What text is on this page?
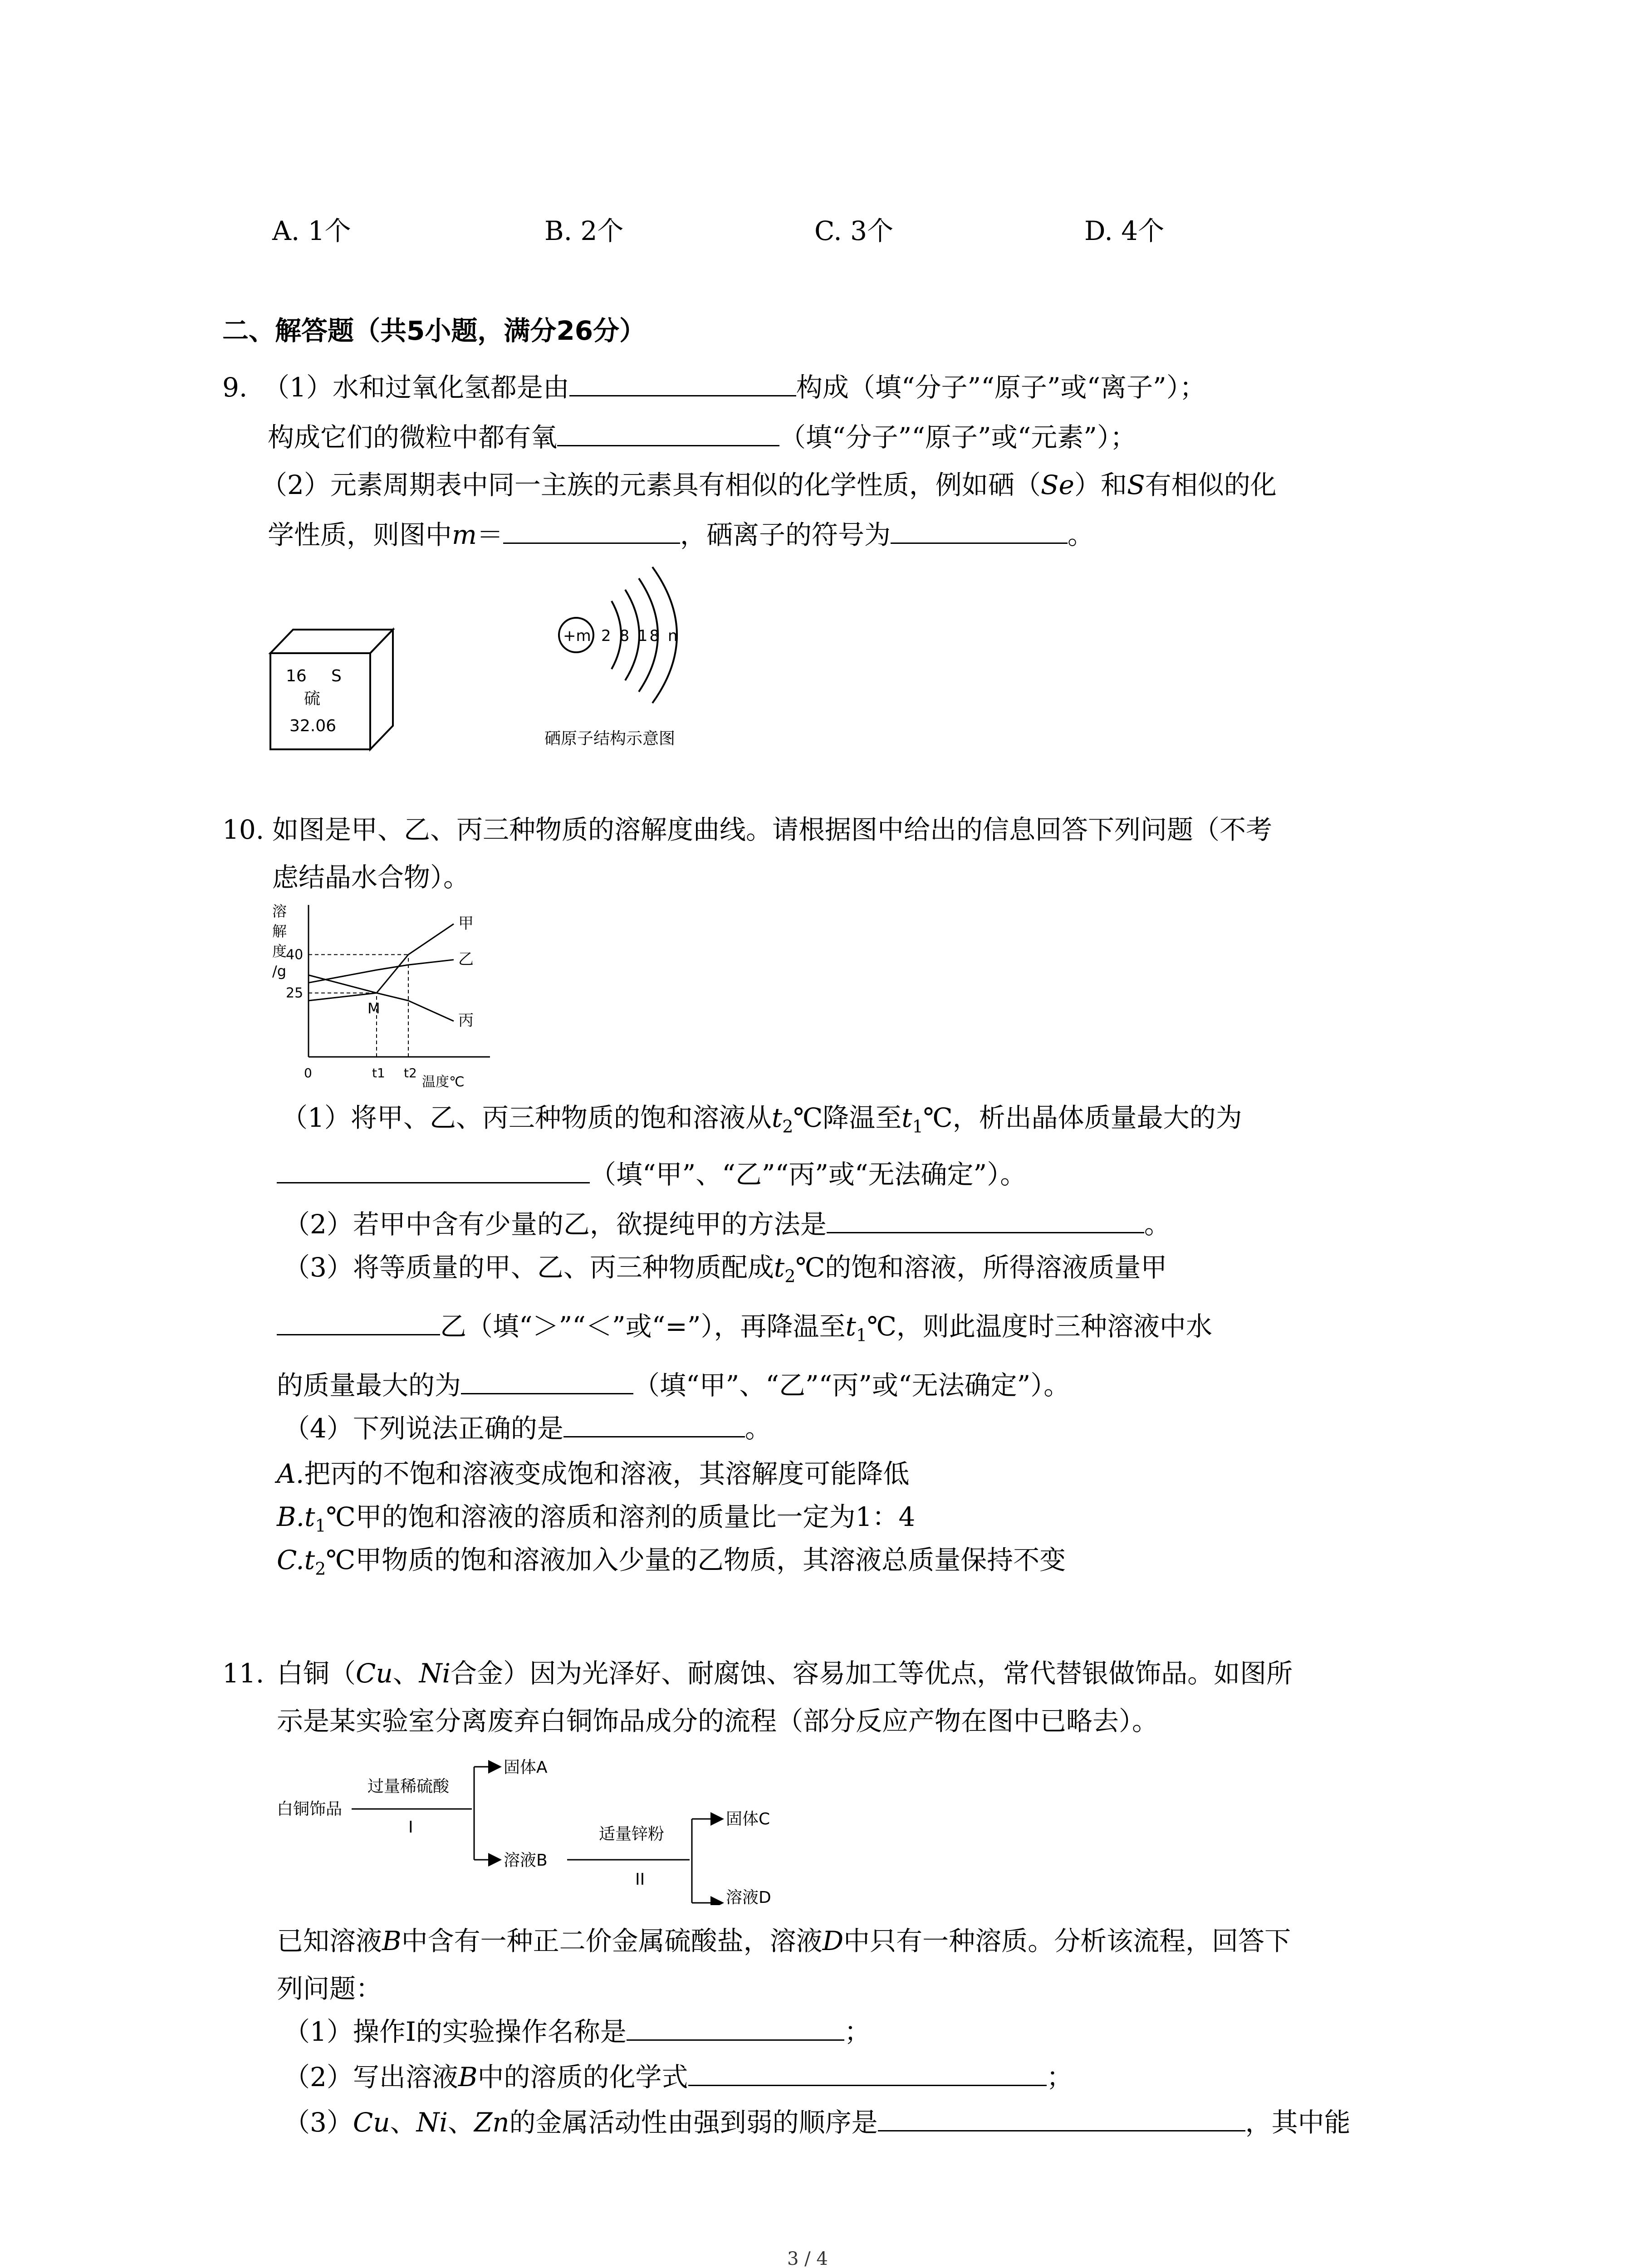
A. 1个	B. 2个	C. 3个	D. 4个
二、解答题（共5小题，满分26分）
9. （1）水和过氧化氢都是由	构成（填“分子”“原子”或“离子”）；
构成它们的微粒中都有氧	（填“分子”“原子”或“元素”）；
（2）元素周期表中同一主族的元素具有相似的化学性质，例如硒（Se）和S有相似的化
学性质，则图中m＝	，硒离子的符号为	。
16 S
硫
32.06
+m 2 8 18 n
硒原子结构示意图
10. 如图是甲、乙、丙三种物质的溶解度曲线。请根据图中给出的信息回答下列问题（不考
虑结晶水合物）。
溶
解
度
/g
25
40
0	t1 t2
温度℃
甲
乙
丙
M
（1）将甲、乙、丙三种物质的饱和溶液从$t_2℃$降温至$t_1℃$，析出晶体质量最大的为
（填“甲”、“乙”“丙”或“无法确定”）。
（2）若甲中含有少量的乙，欲提纯甲的方法是	。
（3）将等质量的甲、乙、丙三种物质配成$t_2℃$的饱和溶液，所得溶液质量甲
乙（填“＞”“＜”或“=”），再降温至$t_1℃$，则此温度时三种溶液中水
的质量最大的为	（填“甲”、“乙”“丙”或“无法确定”）。
（4）下列说法正确的是	。
A.把丙的不饱和溶液变成饱和溶液，其溶解度可能降低
$B.t_1℃$甲的饱和溶液的溶质和溶剂的质量比一定为1：4
$C.t_2℃$甲物质的饱和溶液加入少量的乙物质，其溶液总质量保持不变
11. 白铜（Cu、Ni合金）因为光泽好、耐腐蚀、容易加工等优点，常代替银做饰品。如图所
示是某实验室分离废弃白铜饰品成分的流程（部分反应产物在图中已略去）。
白铜饰品
过量稀硫酸
I
固体A
溶液B
适量锌粉
II
固体C
溶液D
已知溶液B中含有一种正二价金属硫酸盐，溶液D中只有一种溶质。分析该流程，回答下
列问题：
（1）操作Ⅰ的实验操作名称是	；
（2）写出溶液B中的溶质的化学式	；
（3）Cu、Ni、Zn的金属活动性由强到弱的顺序是	，其中能
3 / 4
